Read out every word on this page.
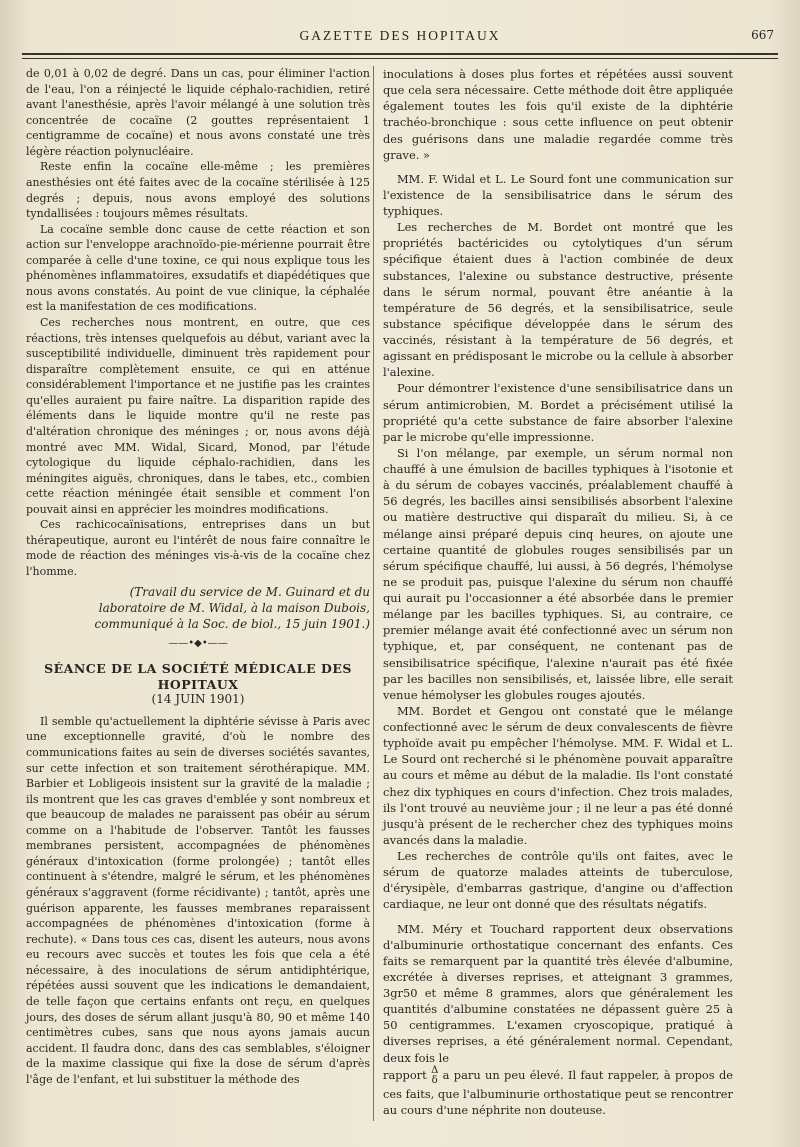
GAZETTE DES HOPITAUX	667

de 0,01 à 0,02 de degré. Dans un cas, pour éliminer l'action de l'eau, l'on a réinjecté le liquide céphalo-rachidien, retiré avant l'anesthésie, après l'avoir mélangé à une solution très concentrée de cocaïne (2 gouttes représentaient 1 centigramme de cocaïne) et nous avons constaté une très légère réaction polynucléaire.

Reste enfin la cocaïne elle-même ; les premières anesthésies ont été faites avec de la cocaïne stérilisée à 125 degrés ; depuis, nous avons employé des solutions tyndallisées : toujours mêmes résultats.

La cocaïne semble donc cause de cette réaction et son action sur l'enveloppe arachnoïdo-pie-mérienne pourrait être comparée à celle d'une toxine, ce qui nous explique tous les phénomènes inflammatoires, exsudatifs et diapédétiques que nous avons constatés. Au point de vue clinique, la céphalée est la manifestation de ces modifications.

Ces recherches nous montrent, en outre, que ces réactions, très intenses quelquefois au début, variant avec la susceptibilité individuelle, diminuent très rapidement pour disparaître complètement ensuite, ce qui en atténue considérablement l'importance et ne justifie pas les craintes qu'elles auraient pu faire naître. La disparition rapide des éléments dans le liquide montre qu'il ne reste pas d'altération chronique des méninges ; or, nous avons déjà montré avec MM. Widal, Sicard, Monod, par l'étude cytologique du liquide céphalo-rachidien, dans les méningites aiguës, chroniques, dans le tabes, etc., combien cette réaction méningée était sensible et comment l'on pouvait ainsi en apprécier les moindres modifications.

Ces rachicocaïnisations, entreprises dans un but thérapeutique, auront eu l'intérêt de nous faire connaître le mode de réaction des méninges vis-à-vis de la cocaïne chez l'homme.

(Travail du service de M. Guinard et du laboratoire de M. Widal, à la maison Dubois, communiqué à la Soc. de biol., 15 juin 1901.)
——•◆•——
SÉANCE DE LA SOCIÉTÉ MÉDICALE DES HOPITAUX
(14 JUIN 1901)

Il semble qu'actuellement la diphtérie sévisse à Paris avec une exceptionnelle gravité, d'où le nombre des communications faites au sein de diverses sociétés savantes, sur cette infection et son traitement sérothérapique. MM. Barbier et Lobligeois insistent sur la gravité de la maladie ; ils montrent que les cas graves d'emblée y sont nombreux et que beaucoup de malades ne paraissent pas obéir au sérum comme on a l'habitude de l'observer. Tantôt les fausses membranes persistent, accompagnées de phénomènes généraux d'intoxication (forme prolongée) ; tantôt elles continuent à s'étendre, malgré le sérum, et les phénomènes généraux s'aggravent (forme récidivante) ; tantôt, après une guérison apparente, les fausses membranes reparaissent accompagnées de phénomènes d'intoxication (forme à rechute). « Dans tous ces cas, disent les auteurs, nous avons eu recours avec succès et toutes les fois que cela a été nécessaire, à des inoculations de sérum antidiphtérique, répétées aussi souvent que les indications le demandaient, de telle façon que certains enfants ont reçu, en quelques jours, des doses de sérum allant jusqu'à 80, 90 et même 140 centimètres cubes, sans que nous ayons jamais aucun accident. Il faudra donc, dans des cas semblables, s'éloigner de la maxime classique qui fixe la dose de sérum d'après l'âge de l'enfant, et lui substituer la méthode des

inoculations à doses plus fortes et répétées aussi souvent que cela sera nécessaire. Cette méthode doit être appliquée également toutes les fois qu'il existe de la diphtérie trachéo-bronchique : sous cette influence on peut obtenir des guérisons dans une maladie regardée comme très grave. »

MM. F. Widal et L. Le Sourd font une communication sur l'existence de la sensibilisatrice dans le sérum des typhiques.

Les recherches de M. Bordet ont montré que les propriétés bactéricides ou cytolytiques d'un sérum spécifique étaient dues à l'action combinée de deux substances, l'alexine ou substance destructive, présente dans le sérum normal, pouvant être anéantie à la température de 56 degrés, et la sensibilisatrice, seule substance spécifique développée dans le sérum des vaccinés, résistant à la température de 56 degrés, et agissant en prédisposant le microbe ou la cellule à absorber l'alexine.

Pour démontrer l'existence d'une sensibilisatrice dans un sérum antimicrobien, M. Bordet a précisément utilisé la propriété qu'a cette substance de faire absorber l'alexine par le microbe qu'elle impressionne.

Si l'on mélange, par exemple, un sérum normal non chauffé à une émulsion de bacilles typhiques à l'isotonie et à du sérum de cobayes vaccinés, préalablement chauffé à 56 degrés, les bacilles ainsi sensibilisés absorbent l'alexine ou matière destructive qui disparaît du milieu. Si, à ce mélange ainsi préparé depuis cinq heures, on ajoute une certaine quantité de globules rouges sensibilisés par un sérum spécifique chauffé, lui aussi, à 56 degrés, l'hémolyse ne se produit pas, puisque l'alexine du sérum non chauffé qui aurait pu l'occasionner a été absorbée dans le premier mélange par les bacilles typhiques. Si, au contraire, ce premier mélange avait été confectionné avec un sérum non typhique, et, par conséquent, ne contenant pas de sensibilisatrice spécifique, l'alexine n'aurait pas été fixée par les bacilles non sensibilisés, et, laissée libre, elle serait venue hémolyser les globules rouges ajoutés.

MM. Bordet et Gengou ont constaté que le mélange confectionné avec le sérum de deux convalescents de fièvre typhoïde avait pu empêcher l'hémolyse. MM. F. Widal et L. Le Sourd ont recherché si le phénomène pouvait apparaître au cours et même au début de la maladie. Ils l'ont constaté chez dix typhiques en cours d'infection. Chez trois malades, ils l'ont trouvé au neuvième jour ; il ne leur a pas été donné jusqu'à présent de le rechercher chez des typhiques moins avancés dans la maladie.

Les recherches de contrôle qu'ils ont faites, avec le sérum de quatorze malades atteints de tuberculose, d'érysipèle, d'embarras gastrique, d'angine ou d'affection cardiaque, ne leur ont donné que des résultats négatifs.

MM. Méry et Touchard rapportent deux observations d'albuminurie orthostatique concernant des enfants. Ces faits se remarquent par la quantité très élevée d'albumine, excrétée à diverses reprises, et atteignant 3 grammes, 3gr50 et même 8 grammes, alors que généralement les quantités d'albumine constatées ne dépassent guère 25 à 50 centigrammes. L'examen cryoscopique, pratiqué à diverses reprises, a été généralement normal. Cependant, deux fois le

rapport Δ
δ a paru un peu élevé. Il faut rappeler, à propos de ces faits, que l'albuminurie orthostatique peut se rencontrer au cours d'une néphrite non douteuse.
